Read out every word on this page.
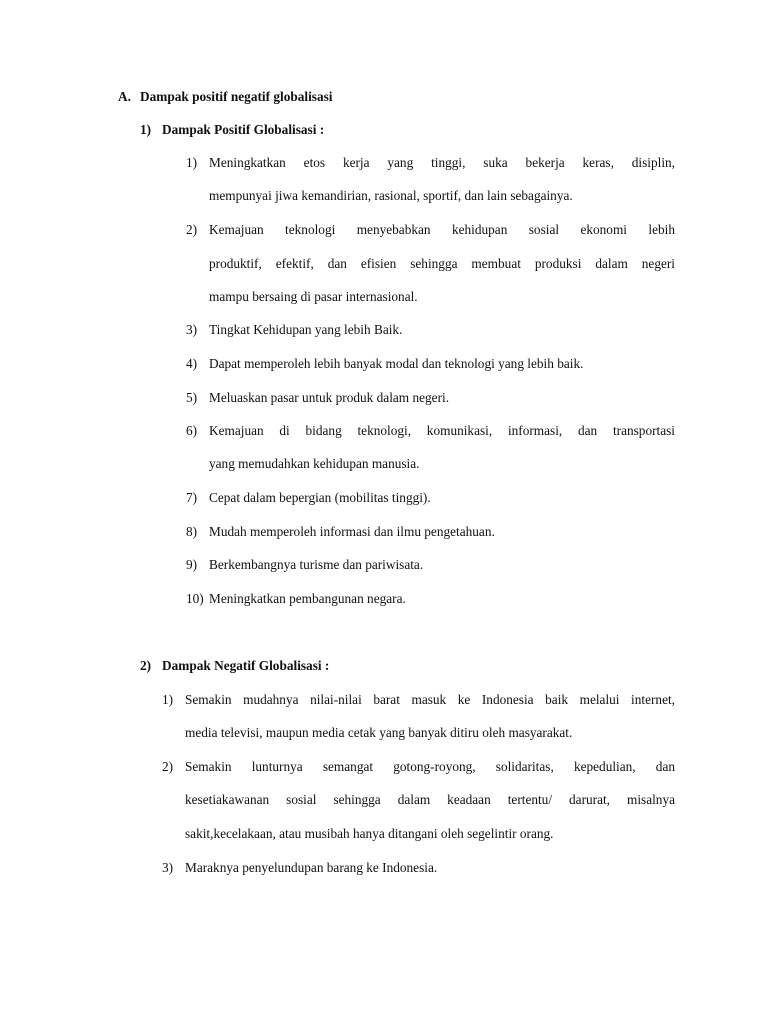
A. Dampak positif negatif globalisasi
1) Dampak Positif Globalisasi :
1) Meningkatkan etos kerja yang tinggi, suka bekerja keras, disiplin,
mempunyai jiwa kemandirian, rasional, sportif, dan lain sebagainya.
2) Kemajuan teknologi menyebabkan kehidupan sosial ekonomi lebih
produktif, efektif, dan efisien sehingga membuat produksi dalam negeri
mampu bersaing di pasar internasional.
3) Tingkat Kehidupan yang lebih Baik.
4) Dapat memperoleh lebih banyak modal dan teknologi yang lebih baik.
5) Meluaskan pasar untuk produk dalam negeri.
6) Kemajuan di bidang teknologi, komunikasi, informasi, dan transportasi
yang memudahkan kehidupan manusia.
7) Cepat dalam bepergian (mobilitas tinggi).
8) Mudah memperoleh informasi dan ilmu pengetahuan.
9) Berkembangnya turisme dan pariwisata.
10) Meningkatkan pembangunan negara.
2) Dampak Negatif Globalisasi :
1) Semakin mudahnya nilai-nilai barat masuk ke Indonesia baik melalui internet,
media televisi, maupun media cetak yang banyak ditiru oleh masyarakat.
2) Semakin lunturnya semangat gotong-royong, solidaritas, kepedulian, dan
kesetiakawanan sosial sehingga dalam keadaan tertentu/ darurat, misalnya
sakit,kecelakaan, atau musibah hanya ditangani oleh segelintir orang.
3) Maraknya penyelundupan barang ke Indonesia.
